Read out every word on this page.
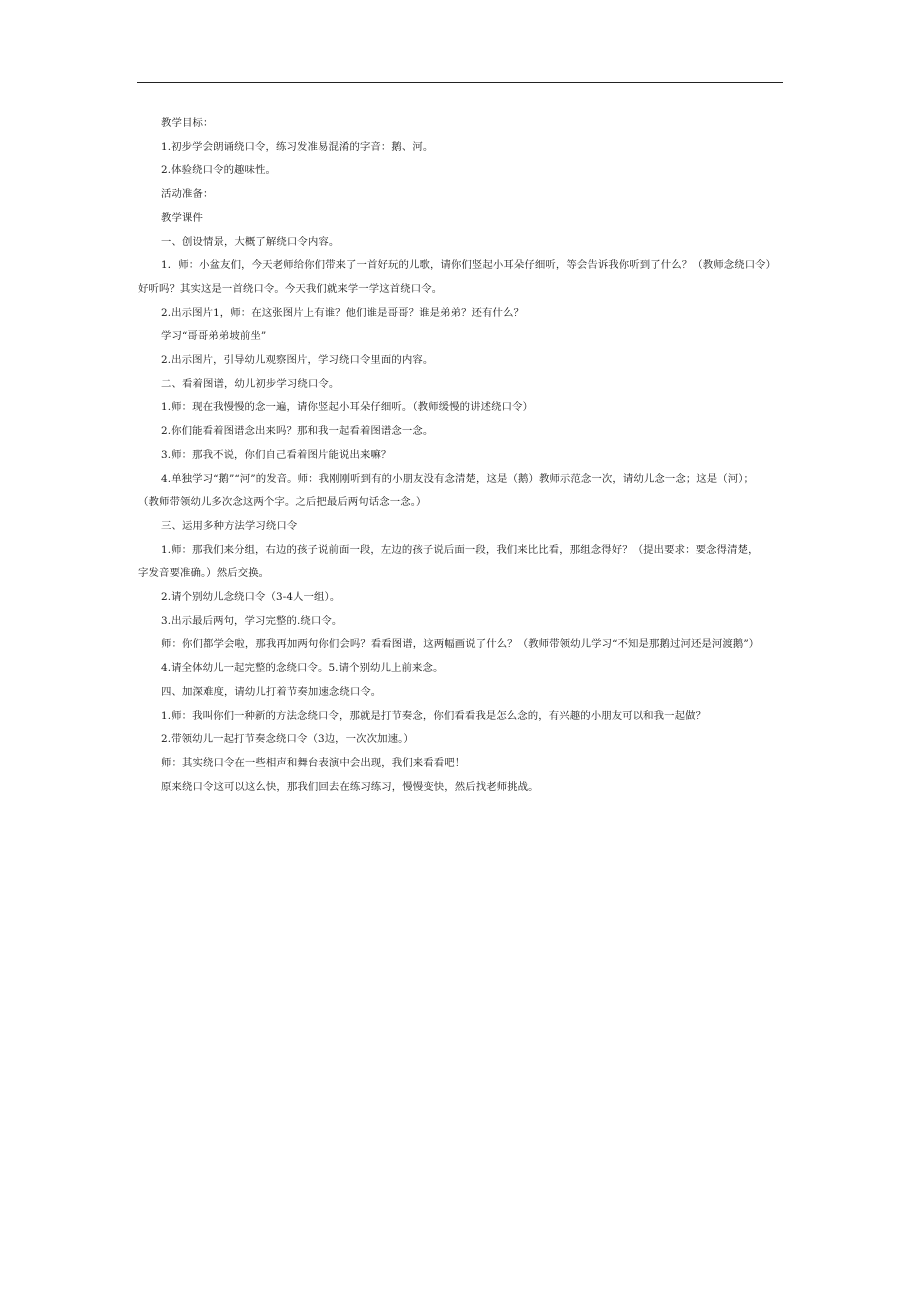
教学目标：
1.初步学会朗诵绕口令，练习发准易混淆的字音：鹅、河。
2.体验绕口令的趣味性。
活动准备：
教学课件
一、创设情景，大概了解绕口令内容。
1．师：小盆友们，今天老师给你们带来了一首好玩的儿歌，请你们竖起小耳朵仔细听，等会告诉我你听到了什么？（教师念绕口令）
好听吗？其实这是一首绕口令。今天我们就来学一学这首绕口令。
2.出示图片1，师：在这张图片上有谁？他们谁是哥哥？谁是弟弟？还有什么？
学习“哥哥弟弟坡前坐”
2.出示图片，引导幼儿观察图片，学习绕口令里面的内容。
二、看着图谱，幼儿初步学习绕口令。
1.师：现在我慢慢的念一遍，请你竖起小耳朵仔细听。（教师缓慢的讲述绕口令）
2.你们能看着图谱念出来吗？那和我一起看着图谱念一念。
3.师：那我不说，你们自己看着图片能说出来嘛？
4.单独学习“鹅”“河”的发音。师：我刚刚听到有的小朋友没有念清楚，这是（鹅）教师示范念一次，请幼儿念一念；这是（河）；
（教师带领幼儿多次念这两个字。之后把最后两句话念一念。）
三、运用多种方法学习绕口令
1.师：那我们来分组，右边的孩子说前面一段，左边的孩子说后面一段，我们来比比看，那组念得好？（提出要求：要念得清楚，
字发音要准确。）然后交换。
2.请个别幼儿念绕口令（3-4人一组）。
3.出示最后两句，学习完整的.绕口令。
师：你们都学会啦，那我再加两句你们会吗？看看图谱，这两幅画说了什么？（教师带领幼儿学习“不知是那鹅过河还是河渡鹅”）
4.请全体幼儿一起完整的念绕口令。5.请个别幼儿上前来念。
四、加深难度，请幼儿打着节奏加速念绕口令。
1.师：我叫你们一种新的方法念绕口令，那就是打节奏念，你们看看我是怎么念的，有兴趣的小朋友可以和我一起做？
2.带领幼儿一起打节奏念绕口令（3边，一次次加速。）
师：其实绕口令在一些相声和舞台表演中会出现，我们来看看吧！
原来绕口令这可以这么快，那我们回去在练习练习，慢慢变快，然后找老师挑战。
